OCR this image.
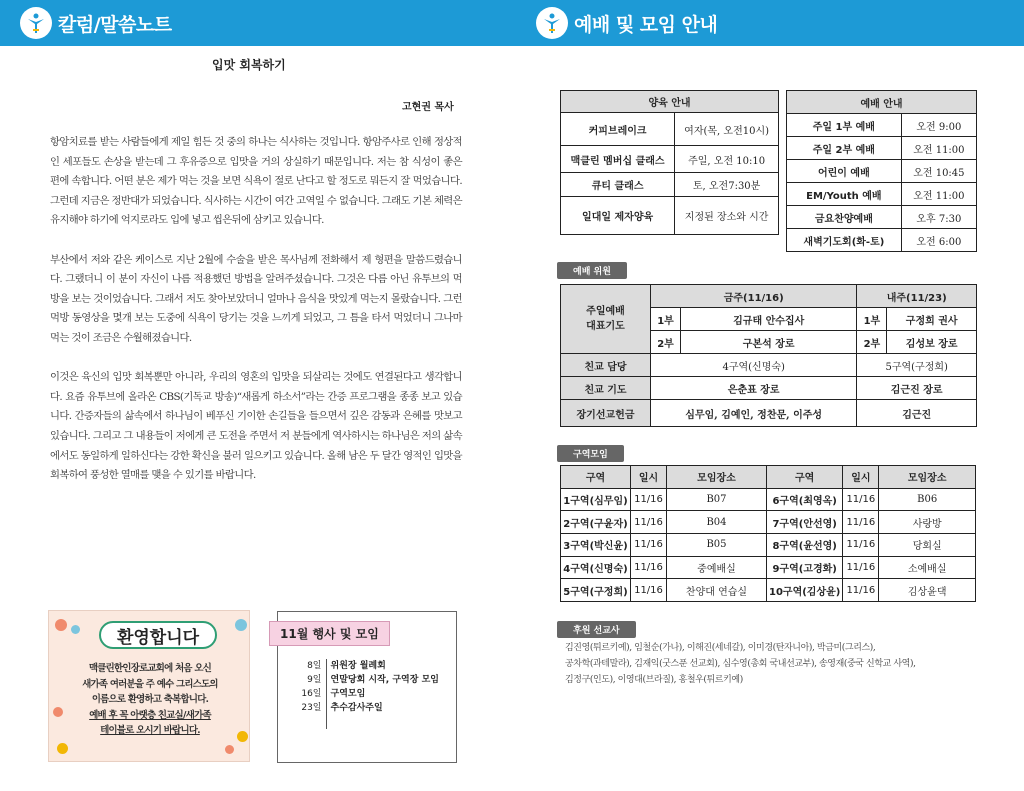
칼럼/말씀노트	예배 및 모임 안내
입맛 회복하기
고현권 목사

항암치료를 받는 사람들에게 제일 힘든 것 중의 하나는 식사하는 것입니다. 항암주사로 인해 정상적인 세포들도 손상을 받는데 그 후유증으로 입맛을 거의 상실하기 때문입니다. 저는 참 식성이 좋은 편에 속합니다. 어떤 분은 제가 먹는 것을 보면 식욕이 절로 난다고 할 정도로 뭐든지 잘 먹었습니다. 그런데 지금은 정반대가 되었습니다. 식사하는 시간이 여간 고역일 수 없습니다. 그래도 기본 체력은 유지해야 하기에 억지로라도 입에 넣고 씹은뒤에 삼키고 있습니다.

부산에서 저와 같은 케이스로 지난 2월에 수술을 받은 목사님께 전화해서 제 형편을 말씀드렸습니다. 그랬더니 이 분이 자신이 나름 적용했던 방법을 알려주셨습니다. 그것은 다름 아닌 유투브의 먹방을 보는 것이었습니다. 그래서 저도 찾아보았더니 얼마나 음식을 맛있게 먹는지 몰랐습니다. 그런 먹방 동영상을 몇개 보는 도중에 식욕이 당기는 것을 느끼게 되었고, 그 틈을 타서 먹었더니 그나마 먹는 것이 조금은 수월해졌습니다.

이것은 육신의 입맛 회복뿐만 아니라, 우리의 영혼의 입맛을 되살리는 것에도 연결된다고 생각합니다. 요즘 유투브에 올라온 CBS(기독교 방송)“새롭게 하소서”라는 간증 프로그램을 종종 보고 있습니다. 간증자들의 삶속에서 하나님이 베푸신 기이한 손길들을 들으면서 깊은 감동과 은혜를 맛보고 있습니다. 그리고 그 내용들이 저에게 큰 도전을 주면서 저 분들에게 역사하시는 하나님은 저의 삶속에서도 동일하게 일하신다는 강한 확신을 불러 일으키고 있습니다. 올해 남은 두 달간 영적인 입맛을 회복하여 풍성한 열매를 맺을 수 있기를 바랍니다.

환영합니다
맥클린한인장로교회에 처음 오신
새가족 여러분을 주 예수 그리스도의
이름으로 환영하고 축복합니다.
예배 후 꼭 아랫층 친교실/새가족
테이블로 오시기 바랍니다.
11월 행사 및 모임
8일	위원장 월례회
9일	연말당회 시작, 구역장 모임
16일	구역모임
23일	추수감사주일

양육 안내	
커피브레이크	여자(목, 오전10시)
맥클린 멤버십 클래스	주일, 오전 10:10
큐티 클래스	토, 오전7:30분
일대일 제자양육	지정된 장소와 시간
예배 안내	
주일 1부 예배	오전 9:00
주일 2부 예배	오전 11:00
어린이 예배	오전 10:45
EM/Youth 예배	오전 11:00
금요찬양예배	오후 7:30
새벽기도회(화-토)	오전 6:00
예배 위원
주일예배
대표기도	금주(11/16)		내주(11/23)	
	1부	김규태 안수집사	1부	구정희 권사
	2부	구본석 장로	2부	김성보 장로
친교 담당	4구역(신명숙)		5구역(구정희)	
친교 기도	은춘표 장로		김근진 장로	
장기선교헌금	심무임, 김예인, 정찬문, 이주성		김근진	
구역모임
구역	일시	모임장소	구역	일시	모임장소
1구역(심무임)	11/16	B07	6구역(최영옥)	11/16	B06
2구역(구윤자)	11/16	B04	7구역(안선영)	11/16	사랑방
3구역(박신윤)	11/16	B05	8구역(윤선영)	11/16	당회실
4구역(신명숙)	11/16	중예배실	9구역(고경화)	11/16	소예배실
5구역(구정희)	11/16	찬양대 연습실	10구역(김상윤)	11/16	김상윤댁
후원 선교사
김진영(튀르키예), 임철순(가나), 이해진(세네갈), 이미경(탄자니아), 박금미(그리스),
공차학(과테말라), 김재익(굿스푼 선교회), 심수영(총회 국내선교부), 송영재(중국 신학교 사역),
김정구(인도), 이영대(브라질), 홍철우(튀르키예)
